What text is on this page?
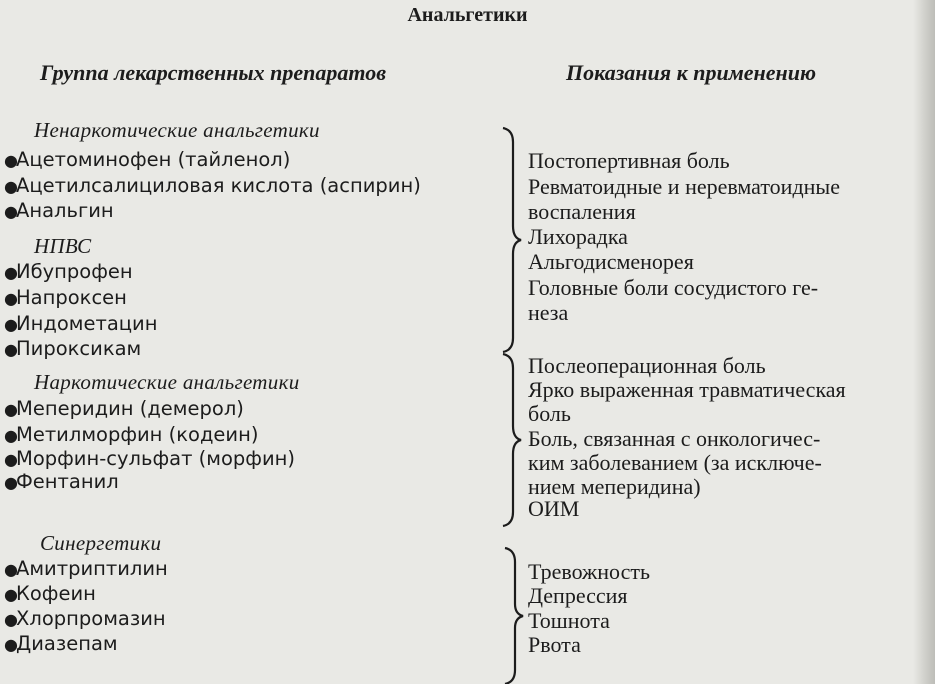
Анальгетики
Группа лекарственных препаратов	Показания к применению
Ненаркотические анальгетики
●Ацетоминофен (тайленол)
●Ацетилсалициловая кислота (аспирин)
●Анальгин
НПВС
●Ибупрофен
●Напроксен
●Индометацин
●Пироксикам
Постопертивная боль
Ревматоидные и неревматоидные
воспаления
Лихорадка
Альгодисменорея
Головные боли сосудистого ге-
неза
Наркотические анальгетики
●Меперидин (демерол)
●Метилморфин (кодеин)
●Морфин-сульфат (морфин)
●Фентанил
Послеоперационная боль
Ярко выраженная травматическая
боль
Боль, связанная с онкологичес-
ким заболеванием (за исключе-
нием меперидина)
ОИМ
Синергетики
●Амитриптилин
●Кофеин
●Хлорпромазин
●Диазепам
Тревожность
Депрессия
Тошнота
Рвота
